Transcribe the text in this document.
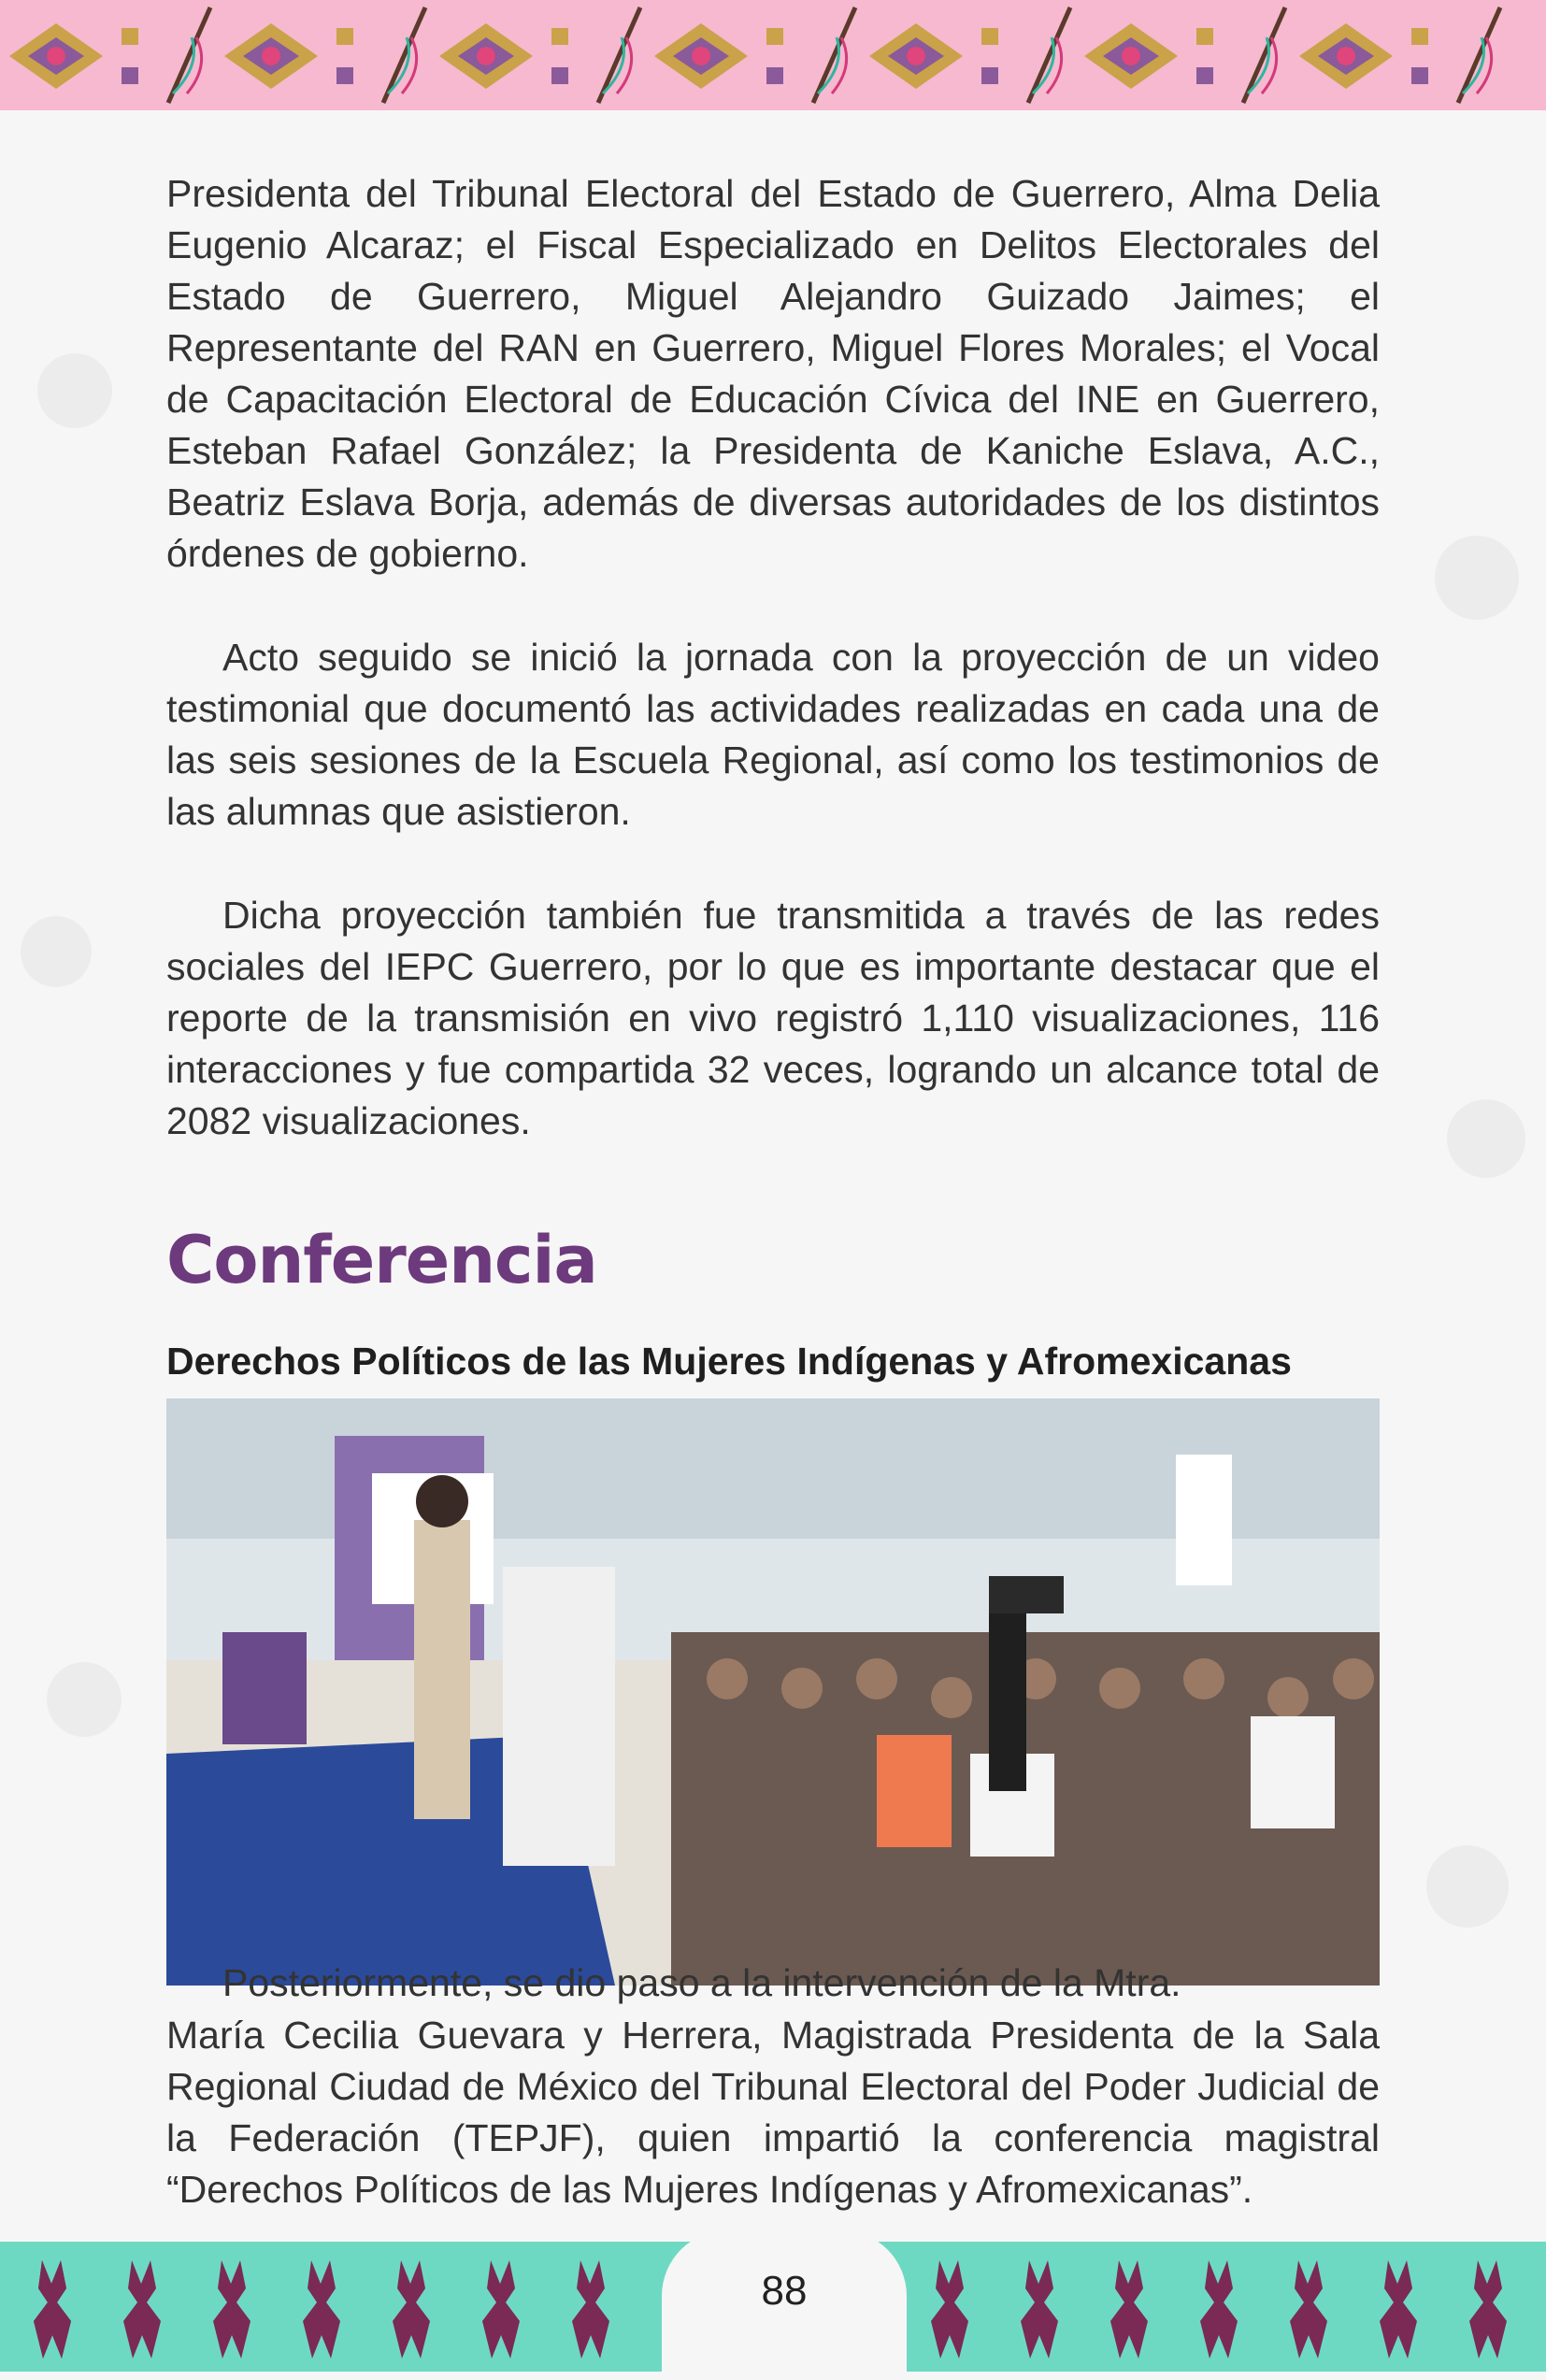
Presidenta del Tribunal Electoral del Estado de Guerrero, Alma Delia Eugenio Alcaraz; el Fiscal Especializado en Delitos Electorales del Estado de Guerrero, Miguel Alejandro Guizado Jaimes; el Representante del RAN en Guerrero, Miguel Flores Morales; el Vocal de Capacitación Electoral de Educación Cívica del INE en Guerrero, Esteban Rafael González; la Presidenta de Kaniche Eslava, A.C., Beatriz Eslava Borja, además de diversas autoridades de los distintos órdenes de gobierno.

Acto seguido se inició la jornada con la proyección de un video testimonial que documentó las actividades realizadas en cada una de las seis sesiones de la Escuela Regional, así como los testimonios de las alumnas que asistieron.

Dicha proyección también fue transmitida a través de las redes sociales del IEPC Guerrero, por lo que es importante destacar que el reporte de la transmisión en vivo registró 1,110 visualizaciones, 116 interacciones y fue compartida 32 veces, logrando un alcance total de 2082 visualizaciones.

Conferencia
Derechos Políticos de las Mujeres Indígenas y Afromexicanas
Posteriormente, se dio paso a la intervención de la Mtra.

María Cecilia Guevara y Herrera, Magistrada Presidenta de la Sala Regional Ciudad de México del Tribunal Electoral del Poder Judicial de la Federación (TEPJF), quien impartió la conferencia magistral “Derechos Políticos de las Mujeres Indígenas y Afromexicanas”.

88
